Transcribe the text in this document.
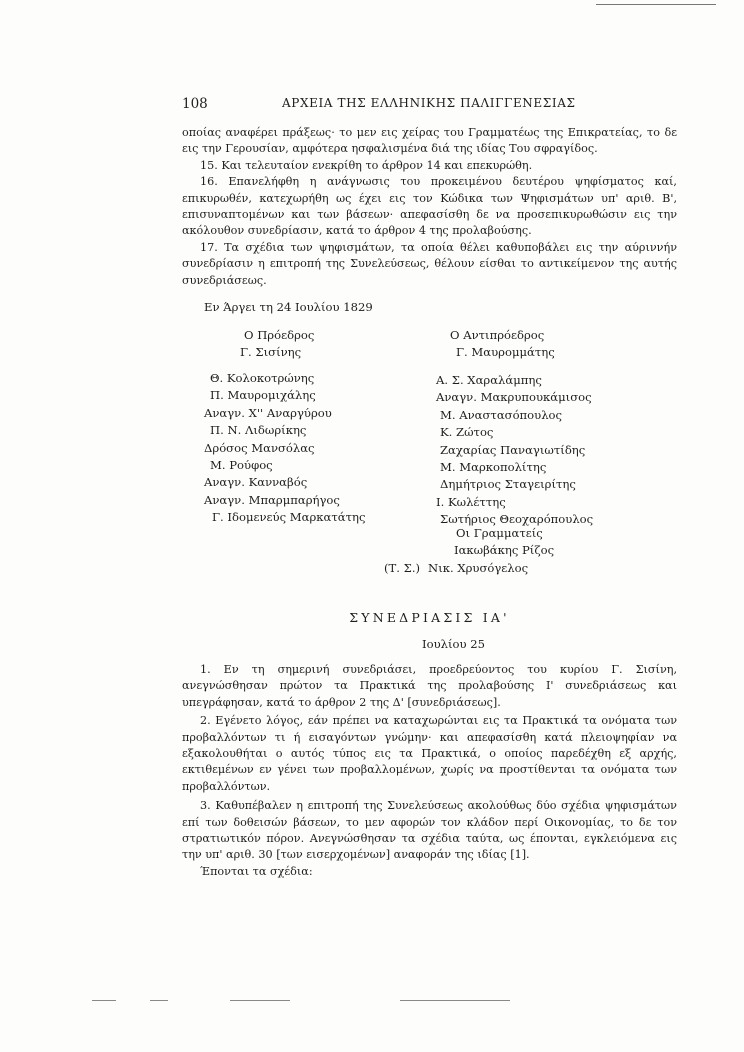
108	ΑΡΧΕΙΑ ΤΗΣ ΕΛΛΗΝΙΚΗΣ ΠΑΛΙΓΓΕΝΕΣΙΑΣ

οποίας αναφέρει πράξεως· το μεν εις χείρας του Γραμματέως της Επικρατείας, το δε εις την Γερουσίαν, αμφότερα ησφαλισμένα διά της ιδίας Του σφραγίδος.

15. Και τελευταίον ενεκρίθη το άρθρον 14 και επεκυρώθη.

16. Επανελήφθη η ανάγνωσις του προκειμένου δευτέρου ψηφίσματος καί, επικυρωθέν, κατεχωρήθη ως έχει εις τον Κώδικα των Ψηφισμάτων υπ' αριθ. Β', επισυναπτομένων και των βάσεων· απεφασίσθη δε να προσεπικυρωθώσιν εις την ακόλουθον συνεδρίασιν, κατά το άρθρον 4 της προλαβούσης.

17. Τα σχέδια των ψηφισμάτων, τα οποία θέλει καθυποβάλει εις την αύριννήν συνεδρίασιν η επιτροπή της Συνελεύσεως, θέλουν είσθαι το αντικείμενον της αυτής συνεδριάσεως.

Εν Άργει τη 24 Ιουλίου 1829
Ο Πρόεδρος
Γ. Σισίνης
Ο Αντιπρόεδρος
Γ. Μαυρομμάτης
Θ. Κολοκοτρώνης
Π. Μαυρομιχάλης
Αναγν. Χ'' Αναργύρου
Π. Ν. Λιδωρίκης
Δρόσος Μανσόλας
Μ. Ρούφος
Αναγν. Κανναβός
Αναγν. Μπαρμπαρήγος
Γ. Ιδομενεύς Μαρκατάτης
Α. Σ. Χαραλάμπης
Αναγν. Μακρυπουκάμισος
Μ. Αναστασόπουλος
Κ. Ζώτος
Ζαχαρίας Παναγιωτίδης
Μ. Μαρκοπολίτης
Δημήτριος Σταγειρίτης
Ι. Κωλέττης
Σωτήριος Θεοχαρόπουλος
Οι Γραμματείς
Ιακωβάκης Ρίζος
(Τ. Σ.) Νικ. Χρυσόγελος
ΣΥΝΕΔΡΙΑΣΙΣ ΙΑ'
Ιουλίου 25

1. Εν τη σημερινή συνεδριάσει, προεδρεύοντος του κυρίου Γ. Σισίνη, ανεγνώσθησαν πρώτον τα Πρακτικά της προλαβούσης Ι' συνεδριάσεως και υπεγράφησαν, κατά το άρθρον 2 της Δ' [συνεδριάσεως].

2. Εγένετο λόγος, εάν πρέπει να καταχωρώνται εις τα Πρακτικά τα ονόματα των προβαλλόντων τι ή εισαγόντων γνώμην· και απεφασίσθη κατά πλειοψηφίαν να εξακολουθήται ο αυτός τύπος εις τα Πρακτικά, ο οποίος παρεδέχθη εξ αρχής, εκτιθεμένων εν γένει των προβαλλομένων, χωρίς να προστίθενται τα ονόματα των προβαλλόντων.

3. Καθυπέβαλεν η επιτροπή της Συνελεύσεως ακολούθως δύο σχέδια ψηφισμάτων επί των δοθεισών βάσεων, το μεν αφορών τον κλάδον περί Οικονομίας, το δε τον στρατιωτικόν πόρον. Ανεγνώσθησαν τα σχέδια ταύτα, ως έπονται, εγκλειόμενα εις την υπ' αριθ. 30 [των εισερχομένων] αναφοράν της ιδίας [1].

Έπονται τα σχέδια:
